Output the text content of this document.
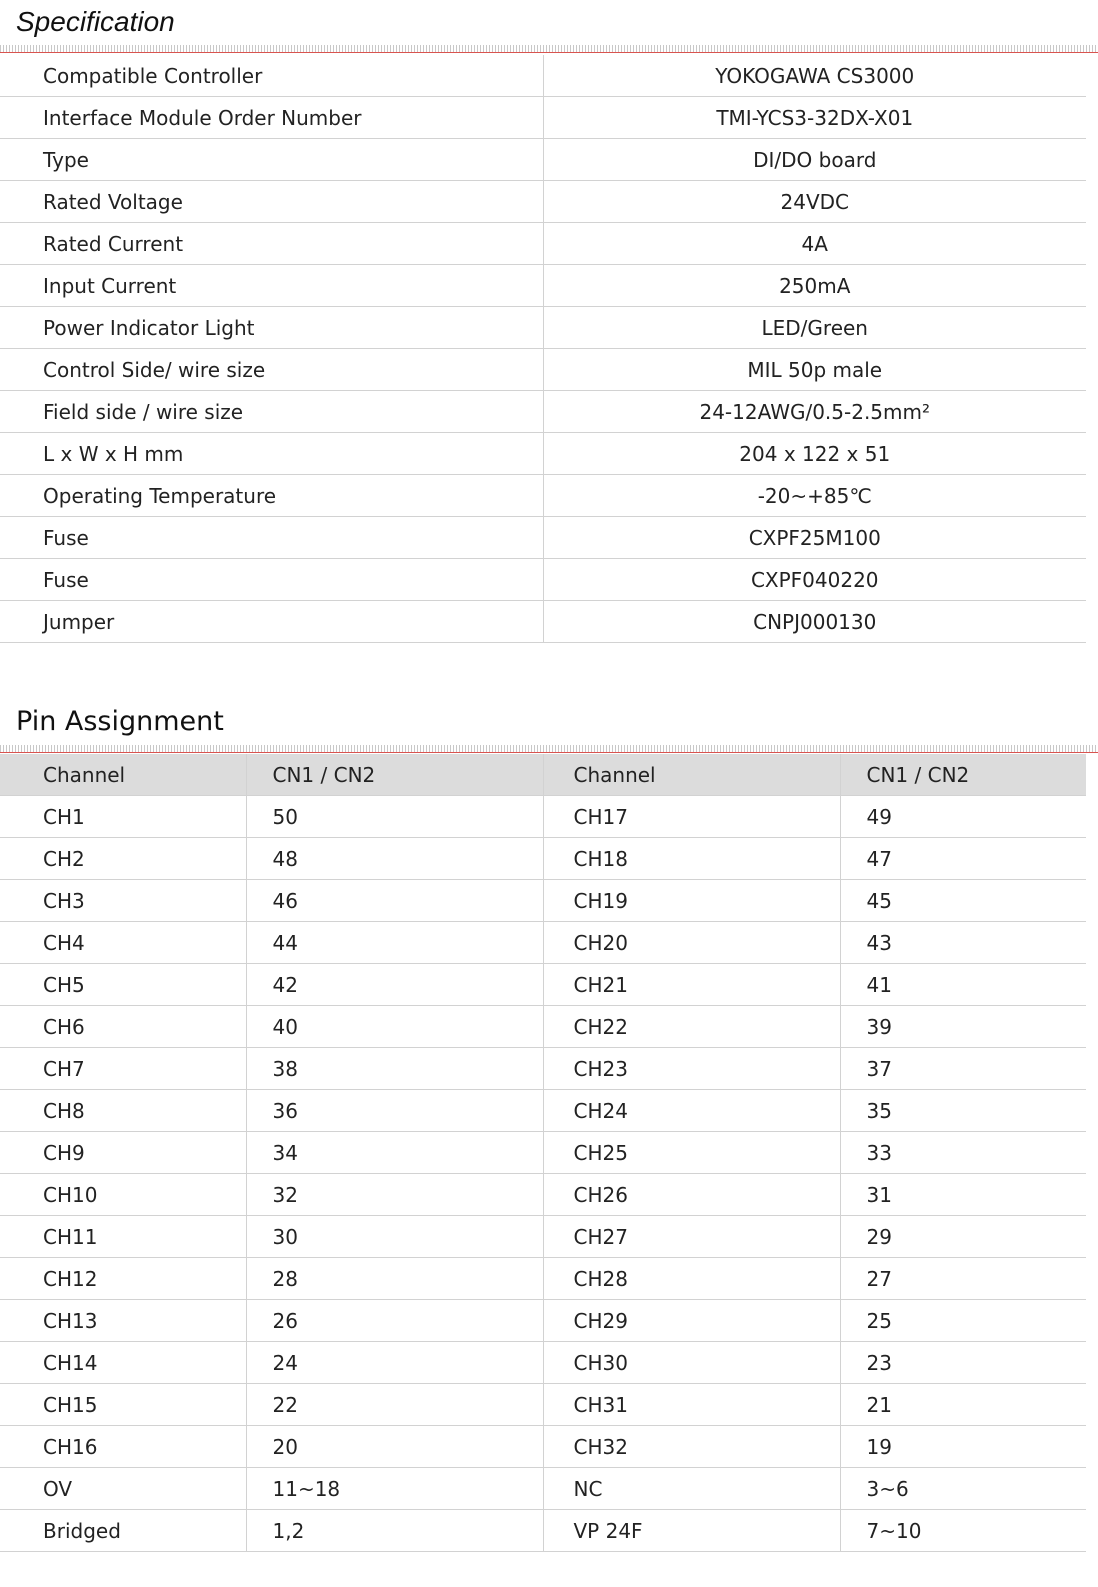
Specification
Compatible Controller	YOKOGAWA CS3000
Interface Module Order Number	TMI-YCS3-32DX-X01
Type	DI/DO board
Rated Voltage	24VDC
Rated Current	4A
Input Current	250mA
Power Indicator Light	LED/Green
Control Side/ wire size	MIL 50p male
Field side / wire size	24-12AWG/0.5-2.5mm²
L x W x H mm	204 x 122 x 51
Operating Temperature	-20~+85℃
Fuse	CXPF25M100
Fuse	CXPF040220
Jumper	CNPJ000130
Pin Assignment
Channel	CN1 / CN2	Channel	CN1 / CN2
CH1	50	CH17	49
CH2	48	CH18	47
CH3	46	CH19	45
CH4	44	CH20	43
CH5	42	CH21	41
CH6	40	CH22	39
CH7	38	CH23	37
CH8	36	CH24	35
CH9	34	CH25	33
CH10	32	CH26	31
CH11	30	CH27	29
CH12	28	CH28	27
CH13	26	CH29	25
CH14	24	CH30	23
CH15	22	CH31	21
CH16	20	CH32	19
OV	11~18	NC	3~6
Bridged	1,2	VP 24F	7~10
